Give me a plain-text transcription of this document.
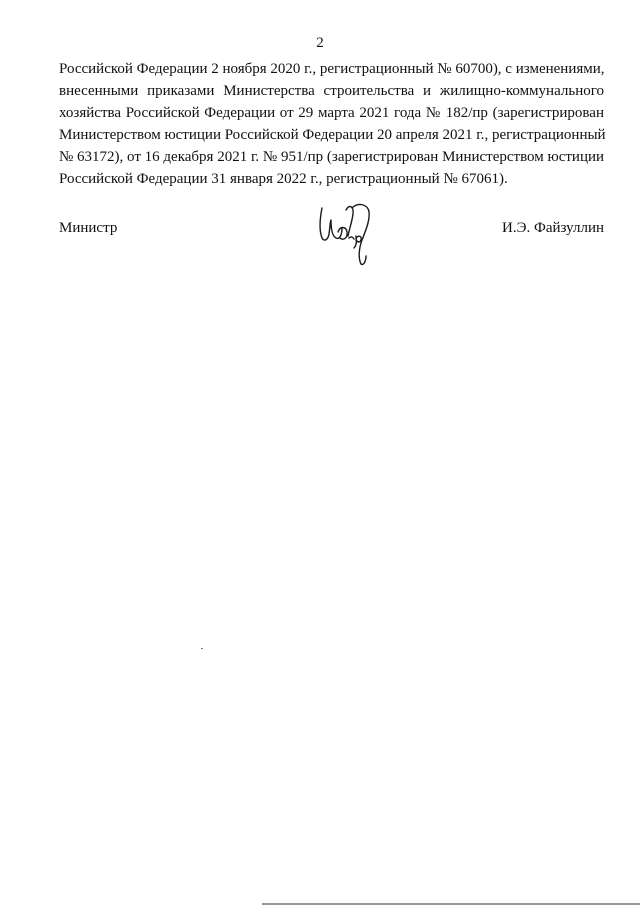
2
Российской Федерации 2 ноября 2020 г., регистрационный № 60700), с изменениями,
внесенными приказами Министерства строительства и жилищно-коммунального
хозяйства Российской Федерации от 29 марта 2021 года № 182/пр (зарегистрирован
Министерством юстиции Российской Федерации 20 апреля 2021 г., регистрационный
№ 63172), от 16 декабря 2021 г. № 951/пр (зарегистрирован Министерством юстиции
Российской Федерации 31 января 2022 г., регистрационный № 67061).
Министр	И.Э. Файзуллин
